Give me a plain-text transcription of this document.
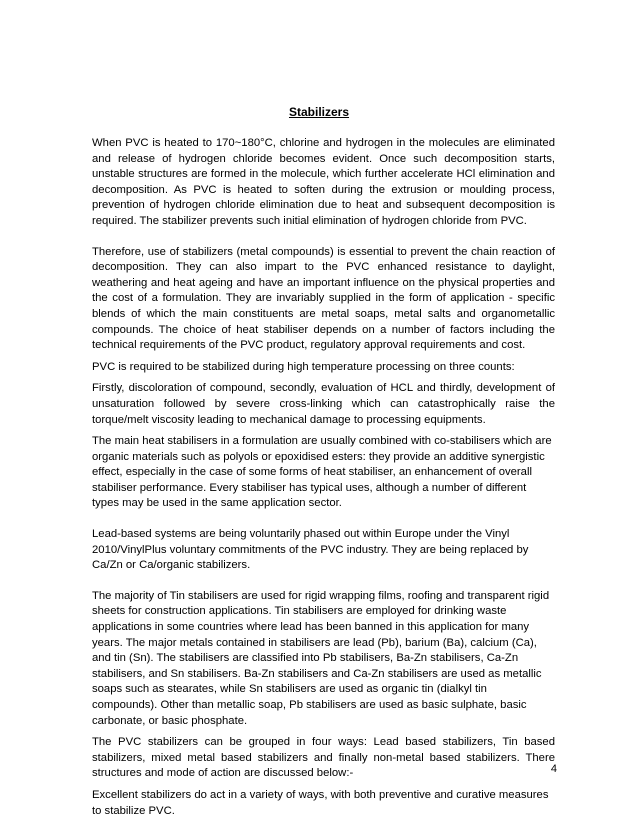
Stabilizers

When PVC is heated to 170~180°C, chlorine and hydrogen in the molecules are eliminated and release of hydrogen chloride becomes evident. Once such decomposition starts, unstable structures are formed in the molecule, which further accelerate HCl elimination and decomposition. As PVC is heated to soften during the extrusion or moulding process, prevention of hydrogen chloride elimination due to heat and subsequent decomposition is required. The stabilizer prevents such initial elimination of hydrogen chloride from PVC.

Therefore, use of stabilizers (metal compounds) is essential to prevent the chain reaction of decomposition. They can also impart to the PVC enhanced resistance to daylight, weathering and heat ageing and have an important influence on the physical properties and the cost of a formulation. They are invariably supplied in the form of application - specific blends of which the main constituents are metal soaps, metal salts and organometallic compounds. The choice of heat stabiliser depends on a number of factors including the technical requirements of the PVC product, regulatory approval requirements and cost.

PVC is required to be stabilized during high temperature processing on three counts:

Firstly, discoloration of compound, secondly, evaluation of HCL and thirdly, development of unsaturation followed by severe cross-linking which can catastrophically raise the torque/melt viscosity leading to mechanical damage to processing equipments.

The main heat stabilisers in a formulation are usually combined with co-stabilisers which are organic materials such as polyols or epoxidised esters: they provide an additive synergistic effect, especially in the case of some forms of heat stabiliser, an enhancement of overall stabiliser performance. Every stabiliser has typical uses, although a number of different types may be used in the same application sector.

Lead-based systems are being voluntarily phased out within Europe under the Vinyl 2010/VinylPlus voluntary commitments of the PVC industry. They are being replaced by Ca/Zn or Ca/organic stabilizers.

The majority of Tin stabilisers are used for rigid wrapping films, roofing and transparent rigid sheets for construction applications. Tin stabilisers are employed for drinking waste applications in some countries where lead has been banned in this application for many years. The major metals contained in stabilisers are lead (Pb), barium (Ba), calcium (Ca), and tin (Sn). The stabilisers are classified into Pb stabilisers, Ba-Zn stabilisers, Ca-Zn stabilisers, and Sn stabilisers. Ba-Zn stabilisers and Ca-Zn stabilisers are used as metallic soaps such as stearates, while Sn stabilisers are used as organic tin (dialkyl tin compounds). Other than metallic soap, Pb stabilisers are used as basic sulphate, basic carbonate, or basic phosphate.

The PVC stabilizers can be grouped in four ways: Lead based stabilizers, Tin based stabilizers, mixed metal based stabilizers and finally non-metal based stabilizers. There structures and mode of action are discussed below:-

Excellent stabilizers do act in a variety of ways, with both preventive and curative measures to stabilize PVC.

4
